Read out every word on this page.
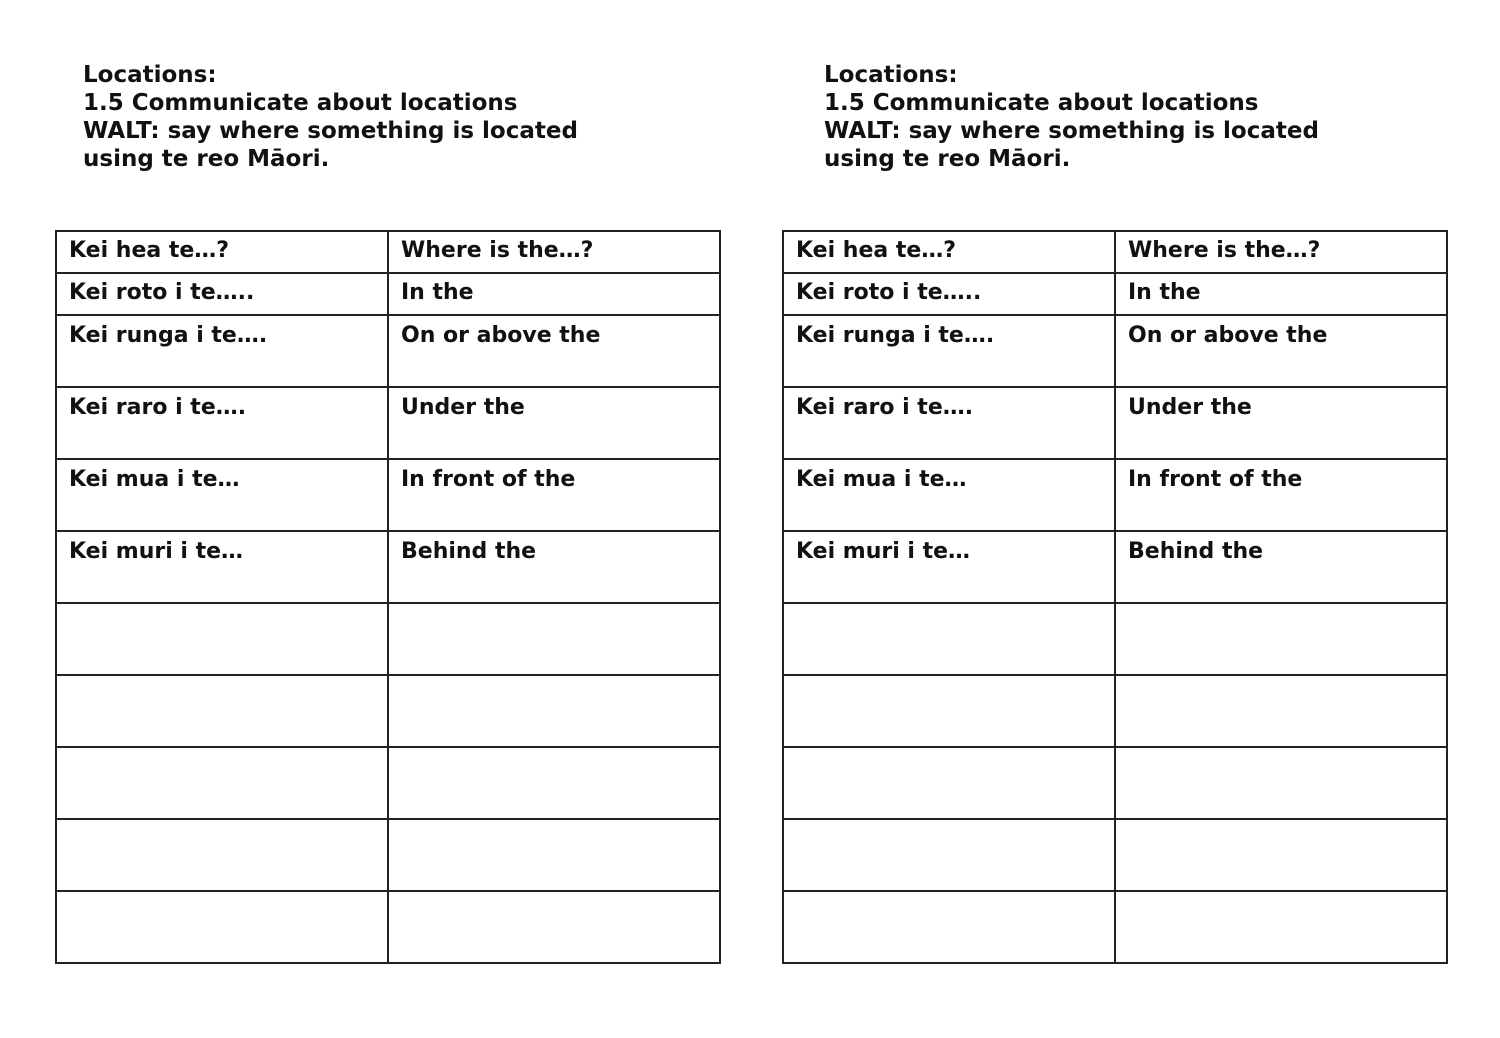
Locations:
1.5 Communicate about locations
WALT: say where something is located
using te reo Māori.
Kei hea te…?	Where is the…?
Kei roto i te…..	In the
Kei runga i te….	On or above the
Kei raro i te….	Under the
Kei mua i te…	In front of the
Kei muri i te…	Behind the

Locations:
1.5 Communicate about locations
WALT: say where something is located
using te reo Māori.
Kei hea te…?	Where is the…?
Kei roto i te…..	In the
Kei runga i te….	On or above the
Kei raro i te….	Under the
Kei mua i te…	In front of the
Kei muri i te…	Behind the
